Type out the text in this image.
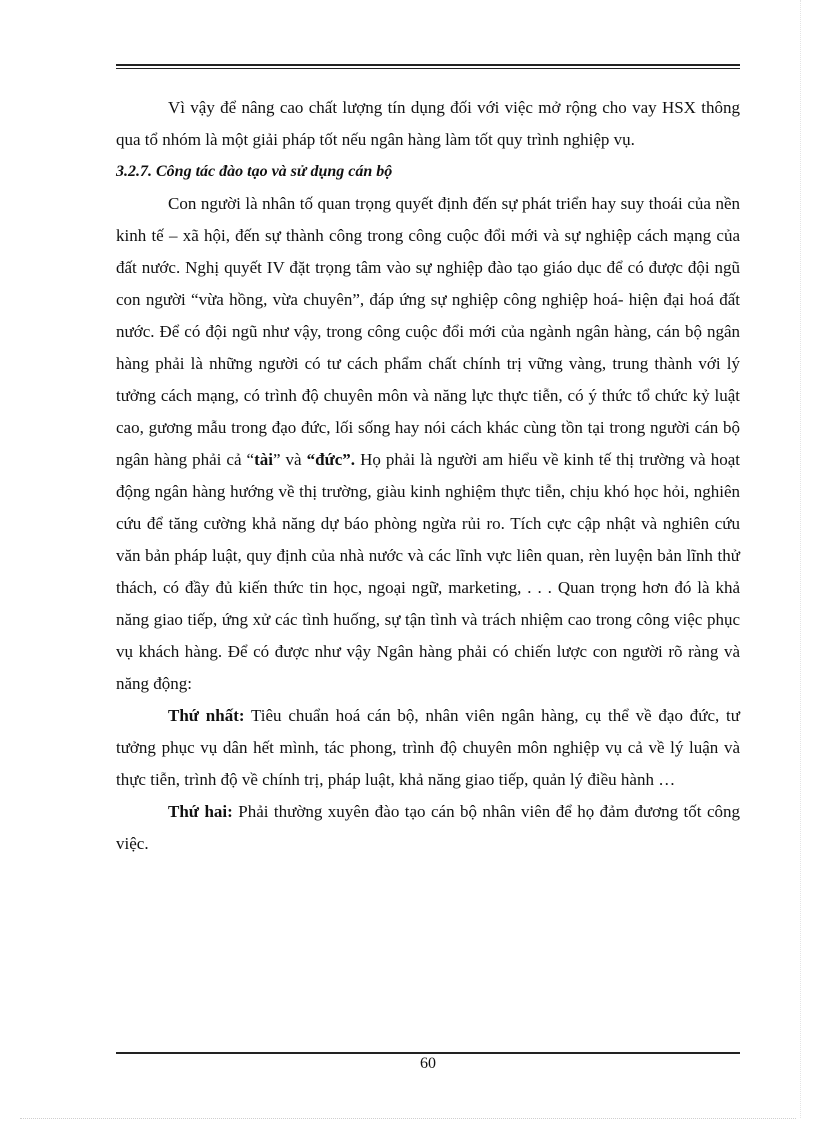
Vì vậy để nâng cao chất lượng tín dụng đối với việc mở rộng cho vay HSX thông qua tổ nhóm là một giải pháp tốt nếu ngân hàng làm tốt quy trình nghiệp vụ.

3.2.7. Công tác đào tạo và sử dụng cán bộ

Con người là nhân tố quan trọng quyết định đến sự phát triển hay suy thoái của nền kinh tế – xã hội, đến sự thành công trong công cuộc đổi mới và sự nghiệp cách mạng của đất nước. Nghị quyết IV đặt trọng tâm vào sự nghiệp đào tạo giáo dục để có được đội ngũ con người “vừa hồng, vừa chuyên”, đáp ứng sự nghiệp công nghiệp hoá- hiện đại hoá đất nước. Để có đội ngũ như vậy, trong công cuộc đổi mới của ngành ngân hàng, cán bộ ngân hàng phải là những người có tư cách phẩm chất chính trị vững vàng, trung thành với lý tưởng cách mạng, có trình độ chuyên môn và năng lực thực tiễn, có ý thức tổ chức kỷ luật cao, gương mẫu trong đạo đức, lối sống hay nói cách khác cùng tồn tại trong người cán bộ ngân hàng phải cả “tài” và “đức”. Họ phải là người am hiểu về kinh tế thị trường và hoạt động ngân hàng hướng về thị trường, giàu kinh nghiệm thực tiễn, chịu khó học hỏi, nghiên cứu để tăng cường khả năng dự báo phòng ngừa rủi ro. Tích cực cập nhật và nghiên cứu văn bản pháp luật, quy định của nhà nước và các lĩnh vực liên quan, rèn luyện bản lĩnh thử thách, có đầy đủ kiến thức tin học, ngoại ngữ, marketing, . . . Quan trọng hơn đó là khả năng giao tiếp, ứng xử các tình huống, sự tận tình và trách nhiệm cao trong công việc phục vụ khách hàng. Để có được như vậy Ngân hàng phải có chiến lược con người rõ ràng và năng động:

Thứ nhất: Tiêu chuẩn hoá cán bộ, nhân viên ngân hàng, cụ thể về đạo đức, tư tưởng phục vụ dân hết mình, tác phong, trình độ chuyên môn nghiệp vụ cả về lý luận và thực tiễn, trình độ về chính trị, pháp luật, khả năng giao tiếp, quản lý điều hành …

Thứ hai: Phải thường xuyên đào tạo cán bộ nhân viên để họ đảm đương tốt công việc.

60
